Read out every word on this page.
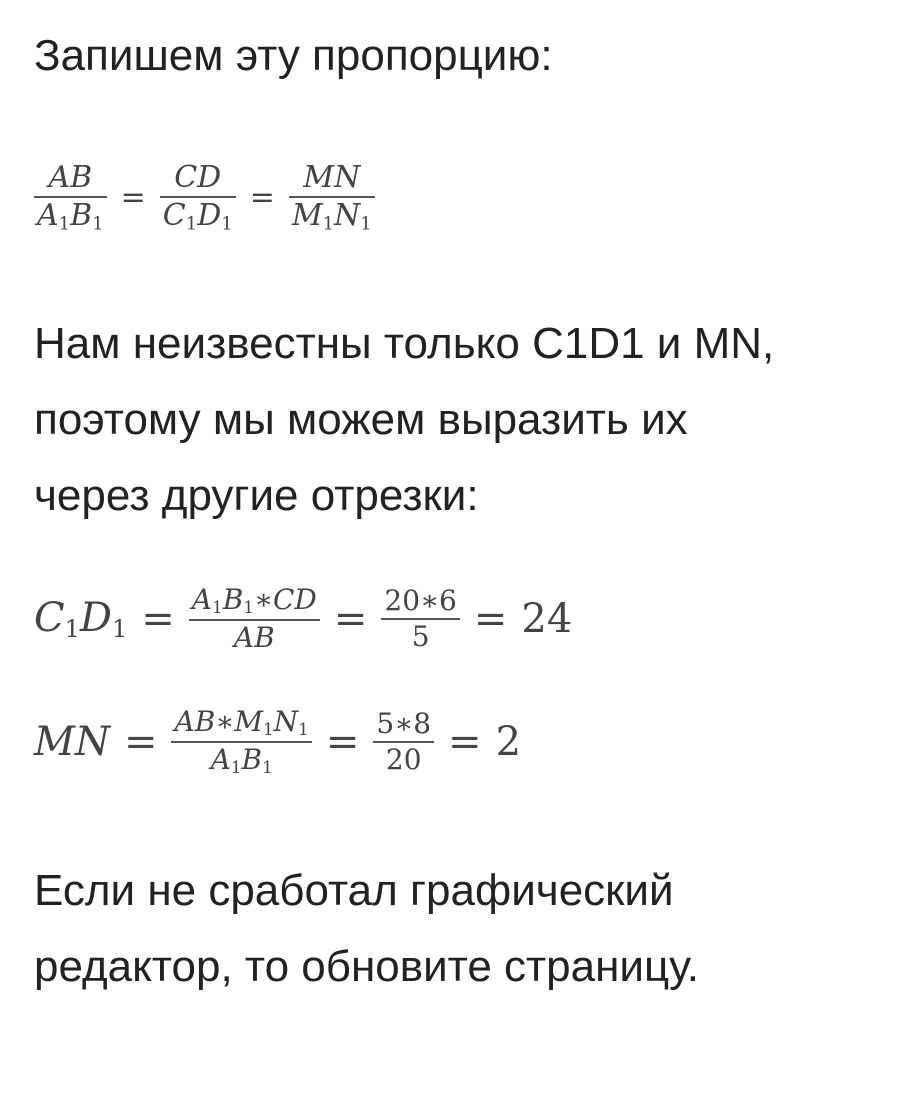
Запишем эту пропорцию:

$\frac{AB}{A_1B_1} = \frac{CD}{C_1D_1} = \frac{MN}{M_1N_1}$

Нам неизвестны только C1D1 и MN,
поэтому мы можем выразить их
через другие отрезки:

$C_1D_1 = \frac{A_1B_1∗CD}{AB} = \frac{20∗6}{5} = 24$
MN = $\frac{AB∗M_1N_1}{A_1B_1} = \frac{5∗8}{20} = 2$

Если не сработал графический
редактор, то обновите страницу.
